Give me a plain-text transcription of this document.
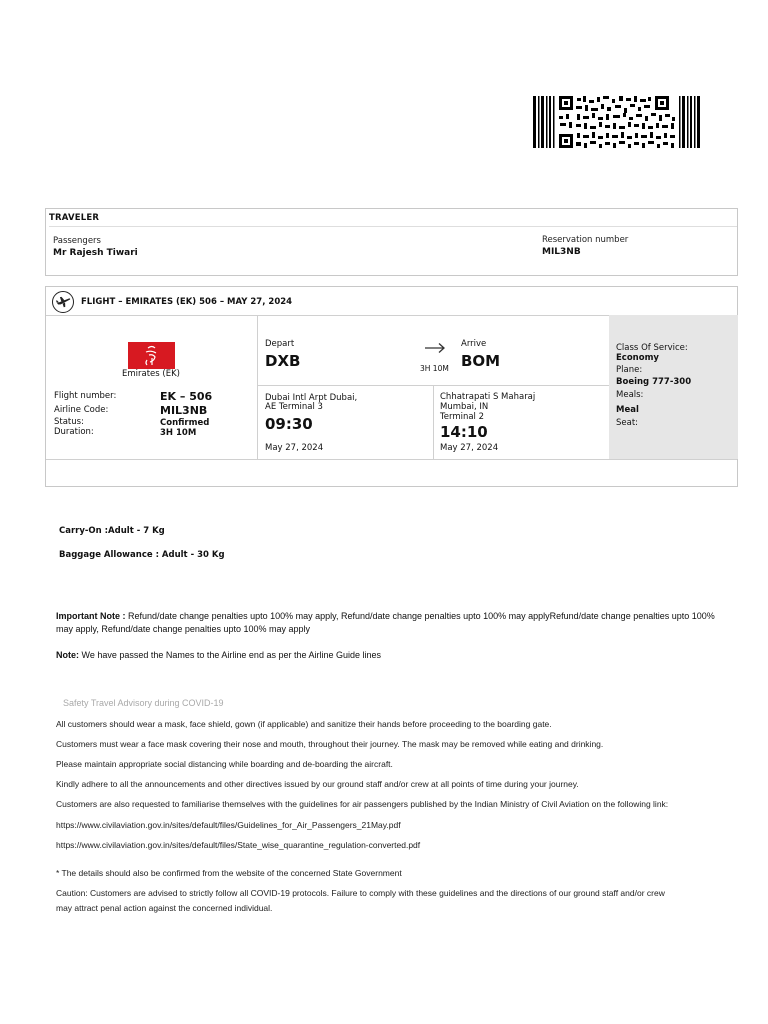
TRAVELER
Passengers
Mr Rajesh Tiwari
Reservation number
MIL3NB
FLIGHT – EMIRATES (EK) 506 – MAY 27, 2024
Emirates (EK)
Flight number:	EK – 506
Airline Code:	MIL3NB
Status:	Confirmed
Duration:	3H 10M
Depart
DXB	3H 10M
Arrive
BOM
Dubai Intl Arpt Dubai,
AE Terminal 3
09:30
May 27, 2024
Chhatrapati S Maharaj
Mumbai, IN
Terminal 2
14:10
May 27, 2024
Class Of Service:
Economy
Plane:
Boeing 777-300
Meals:
Meal
Seat:
Carry-On :Adult - 7 Kg
Baggage Allowance : Adult - 30 Kg
Important Note : Refund/date change penalties upto 100% may apply, Refund/date change penalties upto 100% may applyRefund/date change penalties upto 100%
may apply, Refund/date change penalties upto 100% may apply
Note: We have passed the Names to the Airline end as per the Airline Guide lines
Safety Travel Advisory during COVID-19
All customers should wear a mask, face shield, gown (if applicable) and sanitize their hands before proceeding to the boarding gate.
Customers must wear a face mask covering their nose and mouth, throughout their journey. The mask may be removed while eating and drinking.
Please maintain appropriate social distancing while boarding and de-boarding the aircraft.
Kindly adhere to all the announcements and other directives issued by our ground staff and/or crew at all points of time during your journey.
Customers are also requested to familiarise themselves with the guidelines for air passengers published by the Indian Ministry of Civil Aviation on the following link:
https://www.civilaviation.gov.in/sites/default/files/Guidelines_for_Air_Passengers_21May.pdf
https://www.civilaviation.gov.in/sites/default/files/State_wise_quarantine_regulation-converted.pdf
* The details should also be confirmed from the website of the concerned State Government
Caution: Customers are advised to strictly follow all COVID-19 protocols. Failure to comply with these guidelines and the directions of our ground staff and/or crew
may attract penal action against the concerned individual.
